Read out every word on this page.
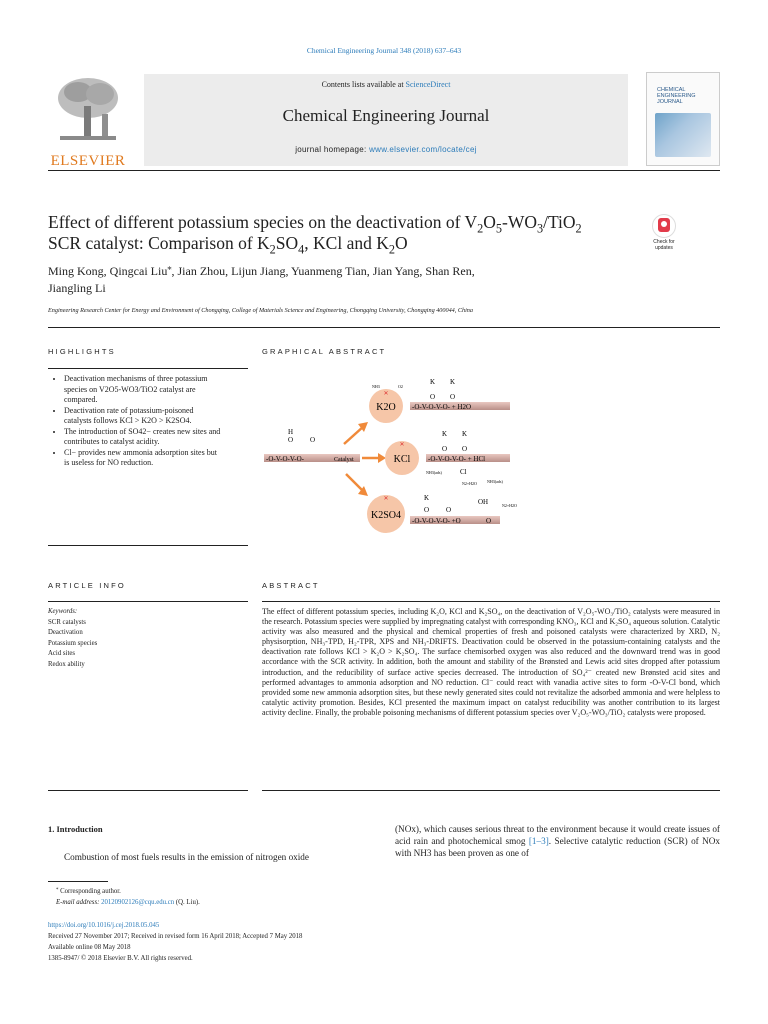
Chemical Engineering Journal 348 (2018) 637–643
ELSEVIER
Contents lists available at ScienceDirect
Chemical Engineering Journal
journal homepage: www.elsevier.com/locate/cej
CHEMICAL
ENGINEERING
JOURNAL
Effect of different potassium species on the deactivation of $V_2O_5-WO_3/TiO_2$
SCR catalyst: Comparison of $K_2SO_4$, KCl and $K_2O$	Check for
updates
Ming Kong, Qingcai Liu⁎, Jian Zhou, Lijun Jiang, Yuanmeng Tian, Jian Yang, Shan Ren,
Jiangling Li
Engineering Research Center for Energy and Environment of Chongqing, College of Materials Science and Engineering, Chongqing University, Chongqing 400044, China
HIGHLIGHTS	GRAPHICAL ABSTRACT
• Deactivation mechanisms of three potassium species on V2O5-WO3/TiO2 catalyst are compared.
• Deactivation rate of potassium-poisoned catalysts follows KCl > K2O > K2SO4.
• The introduction of SO42− creates new sites and contributes to catalyst acidity.
• Cl− provides new ammonia adsorption sites but is useless for NO reduction.
H
O O
-O-V-O-V-O-	Catalyst
K2O -O-V-O-V-O- + H2O
K K
O O
NH3	O2
✕
KCl	-O-V-O-V-O- + HCl
K K
O O
Cl
NH3(ads)
N2+H2O	NH3(ads)
✕
K2SO4 -O-V-O-V-O- +O
K
O O
OH
O
N2+H2O
✕
ARTICLE INFO	ABSTRACT
Keywords:
SCR catalysts
Deactivation
Potassium species
Acid sites
Redox ability
The effect of different potassium species, including K₂O, KCl and K₂SO₄, on the deactivation of V₂O₅-WO₃/TiO₂ catalysts were measured in the research. Potassium species were supplied by impregnating catalyst with corresponding KNO₃, KCl and K₂SO₄ aqueous solution. Catalytic activity was also measured and the physical and chemical properties of fresh and poisoned catalysts were characterized by XRD, N₂ physisorption, NH₃-TPD, H₂-TPR, XPS and NH₃-DRIFTS. Deactivation could be observed in the potassium-containing catalysts and the deactivation rate follows KCl > K₂O > K₂SO₄. The surface chemisorbed oxygen was also reduced and the downward trend was in good accordance with the SCR activity. In addition, both the amount and stability of the Brønsted and Lewis acid sites dropped after potassium introduction, and the reducibility of surface active species decreased. The introduction of SO₄²⁻ created new Brønsted acid sites and performed advantages to ammonia adsorption and NO reduction. Cl⁻ could react with vanadia active sites to form -O-V-Cl bond, which provided some new ammonia adsorption sites, but these newly generated sites could not revitalize the adsorbed ammonia and were helpless to catalytic activity promotion. Besides, KCl presented the maximum impact on catalyst reducibility was another contribution to its largest activity decline. Finally, the probable poisoning mechanisms of different potassium species over V₂O₅-WO₃/TiO₂ catalysts were proposed.
1. Introduction
Combustion of most fuels results in the emission of nitrogen oxide
(NOx), which causes serious threat to the environment because it would create issues of acid rain and photochemical smog [1–3]. Selective catalytic reduction (SCR) of NOx with NH3 has been proven as one of
⁎ Corresponding author.
E-mail address: 20120902126@cqu.edu.cn (Q. Liu).
https://doi.org/10.1016/j.cej.2018.05.045
Received 27 November 2017; Received in revised form 16 April 2018; Accepted 7 May 2018
Available online 08 May 2018
1385-8947/ © 2018 Elsevier B.V. All rights reserved.
